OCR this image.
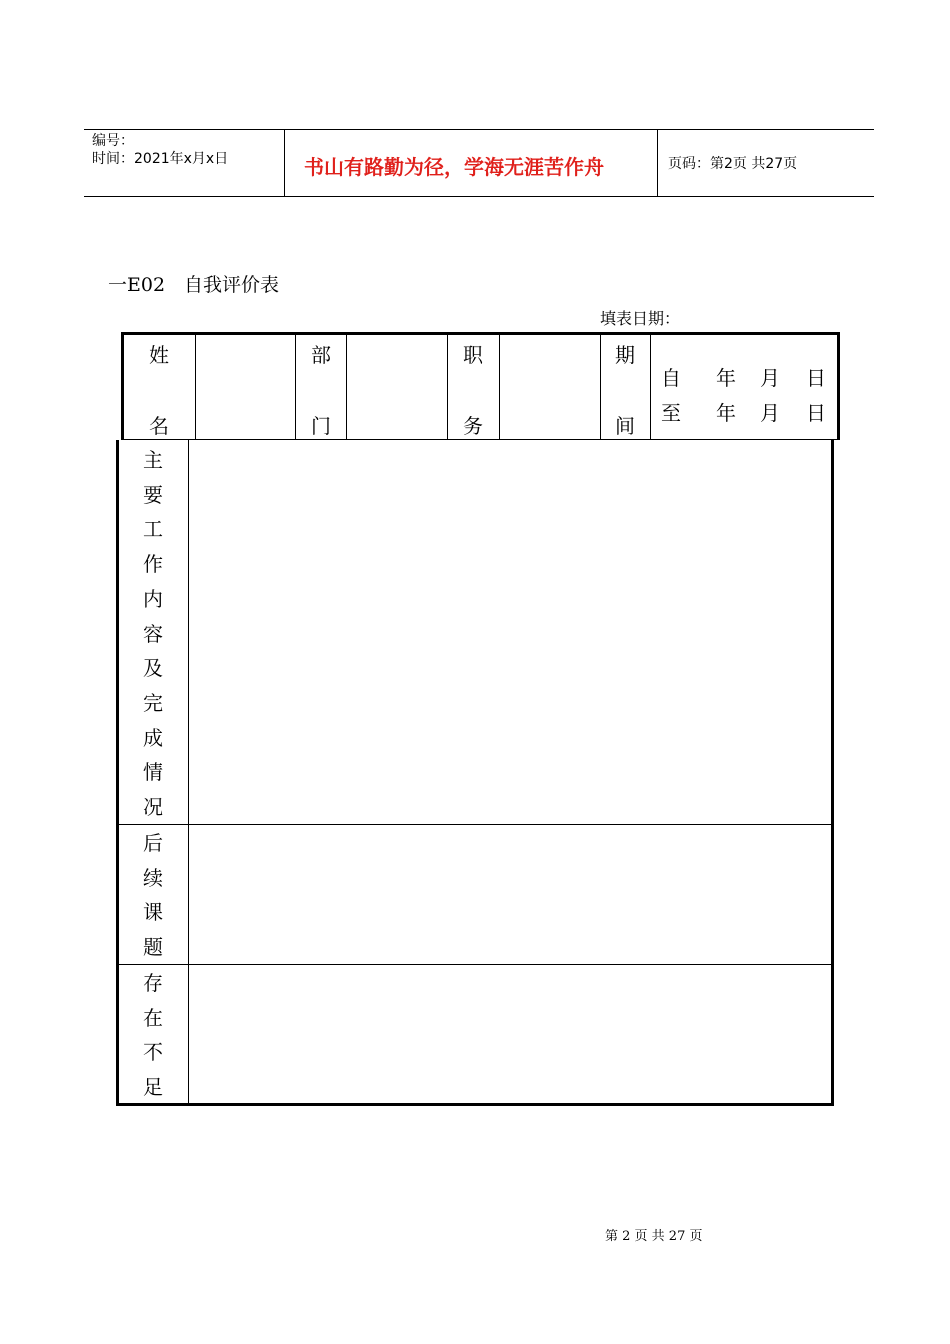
编号：
时间：2021年x月x日	书山有路勤为径，学海无涯苦作舟	页码：第2页 共27页
一E02　自我评价表
填表日期：
姓
名
部
门
职
务
期
间
自 年 月 日
至 年 月 日
主要工作内容及完成情况
后续课题
存在不足
第 2 页 共 27 页
